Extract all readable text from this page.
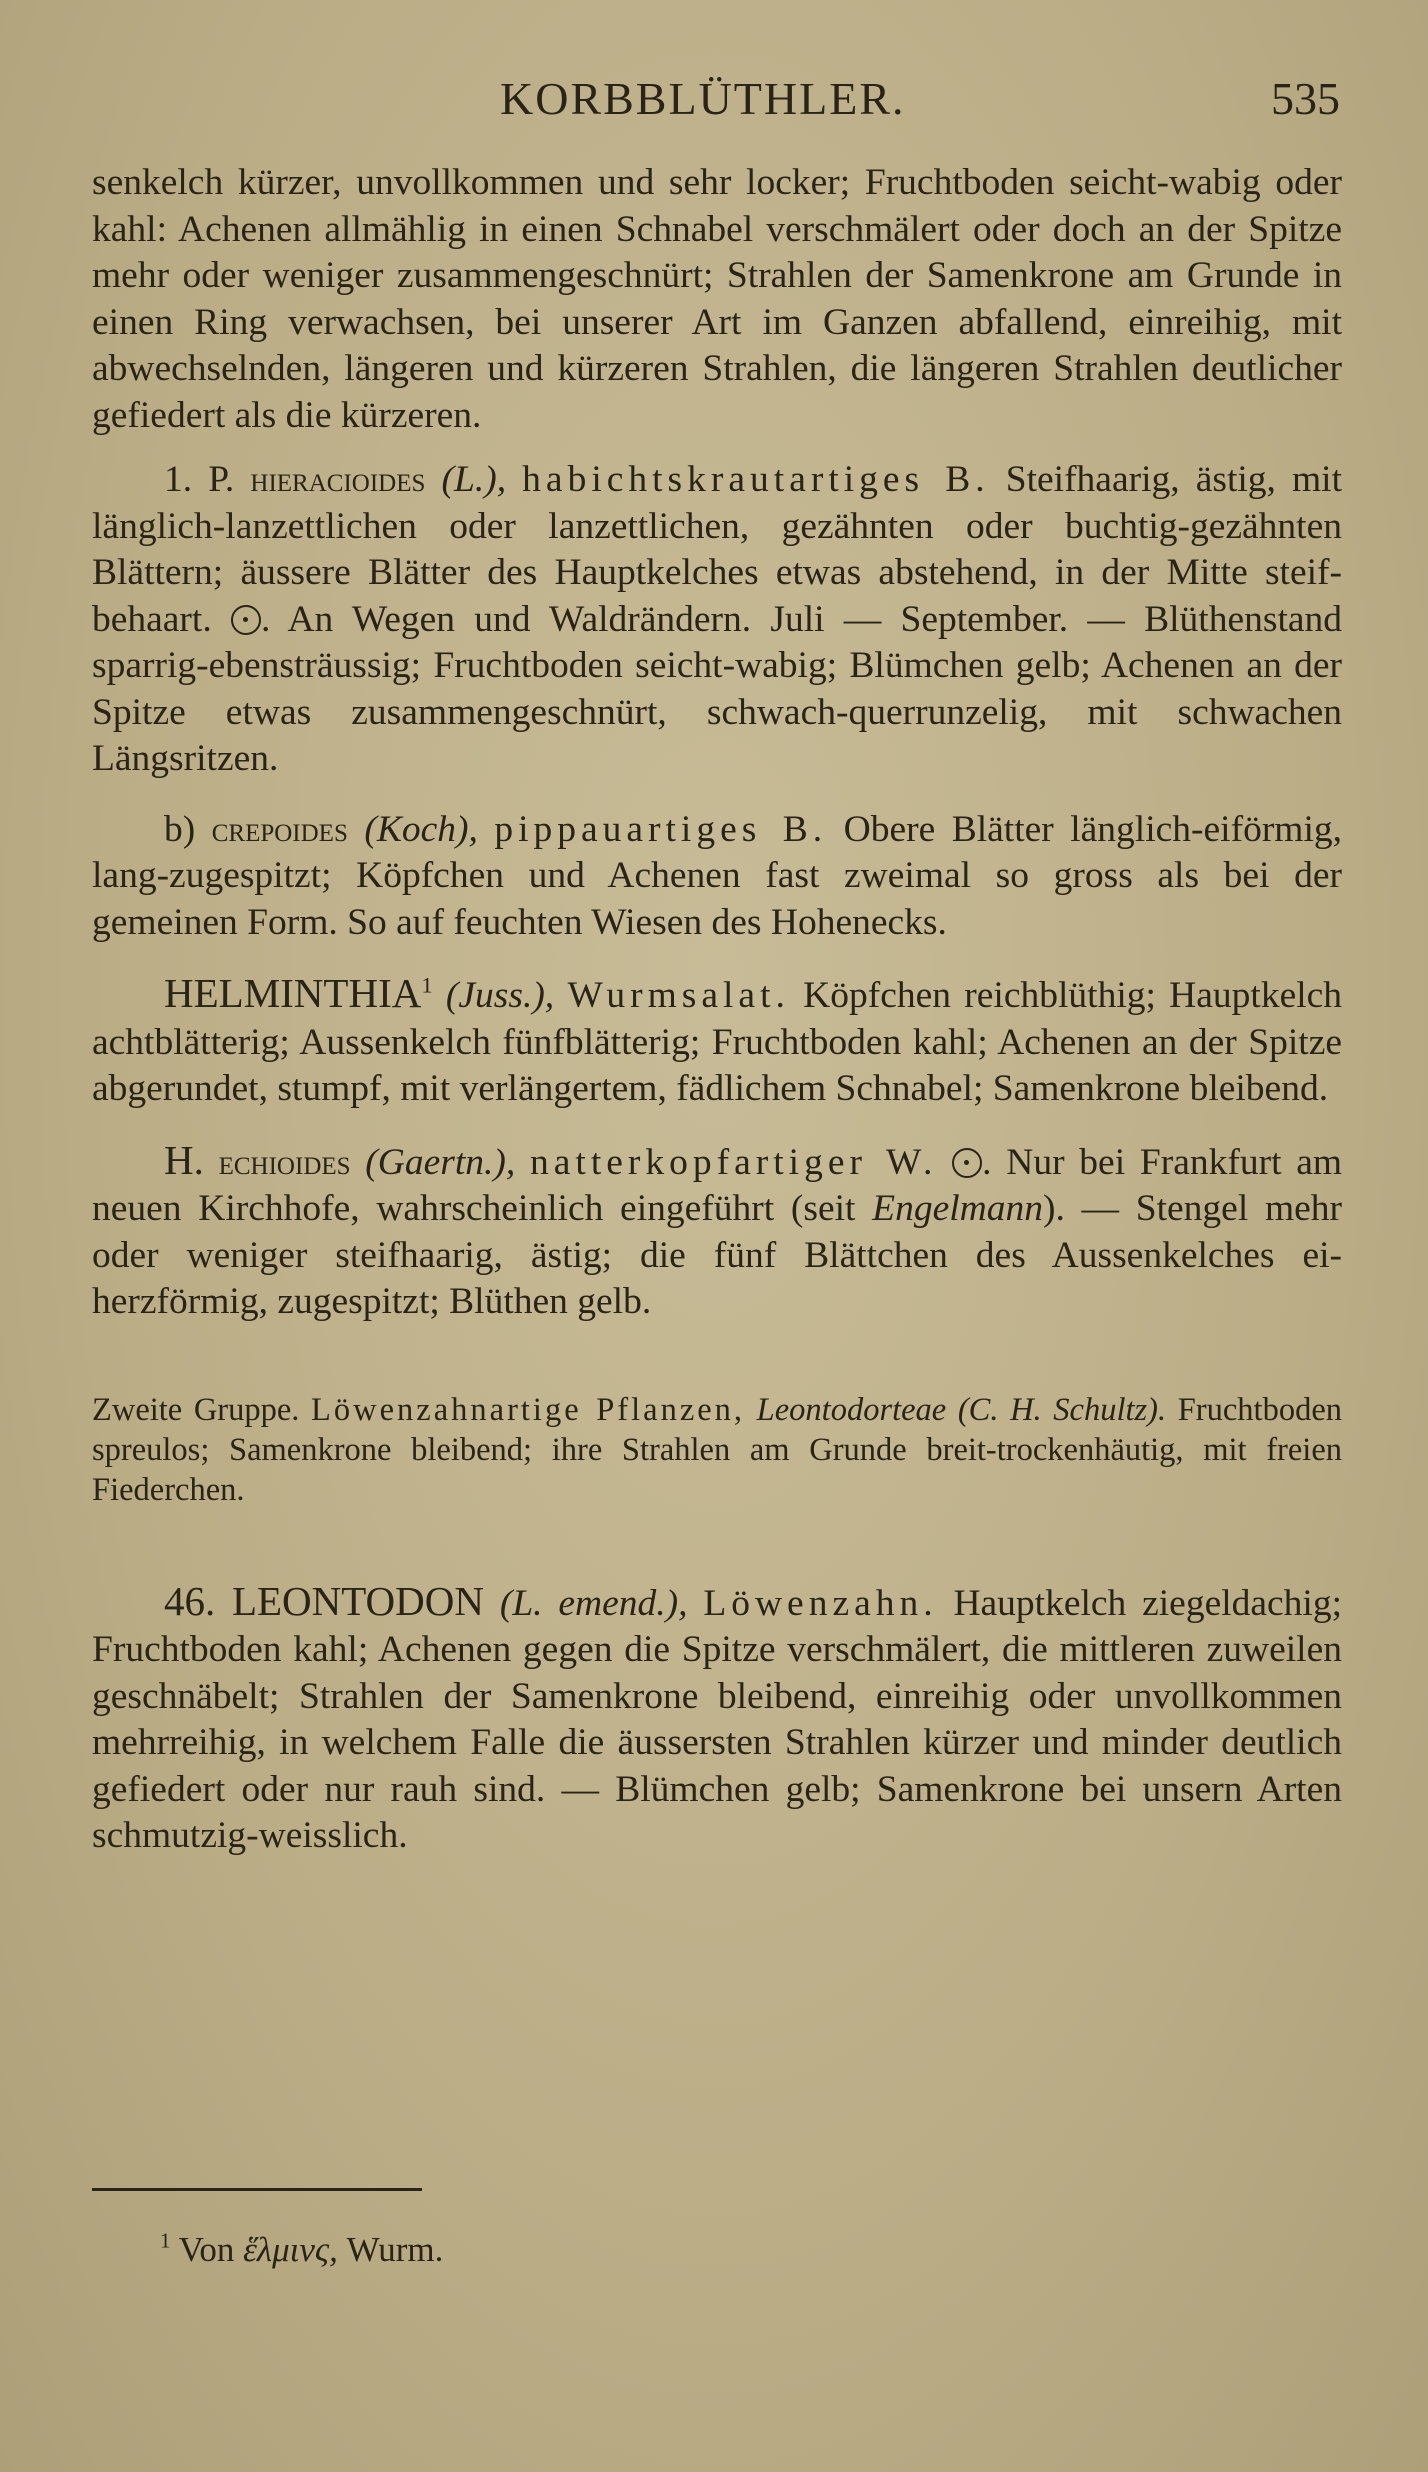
KORBBLÜTHLER.	535

senkelch kürzer, unvollkommen und sehr locker; Fruchtboden seicht-wabig oder kahl: Achenen allmählig in einen Schnabel verschmälert oder doch an der Spitze mehr oder weniger zusammengeschnürt; Strahlen der Samenkrone am Grunde in einen Ring verwachsen, bei unserer Art im Ganzen abfallend, einreihig, mit abwechselnden, längeren und kürzeren Strahlen, die längeren Strahlen deutlicher gefiedert als die kürzeren.

1. P. hieracioides (L.), habichtskrautartiges B. Steifhaarig, ästig, mit länglich-lanzettlichen oder lanzettlichen, gezähnten oder buchtig-gezähnten Blättern; äussere Blätter des Hauptkelches etwas abstehend, in der Mitte steif-behaart. . An Wegen und Waldrändern. Juli — September. — Blüthenstand sparrig-ebensträussig; Fruchtboden seicht-wabig; Blümchen gelb; Achenen an der Spitze etwas zusammengeschnürt, schwach-querrunzelig, mit schwachen Längsritzen.

b) crepoides (Koch), pippauartiges B. Obere Blätter länglich-eiförmig, lang-zugespitzt; Köpfchen und Achenen fast zweimal so gross als bei der gemeinen Form. So auf feuchten Wiesen des Hohenecks.

HELMINTHIA$^1$ (Juss.), Wurmsalat. Köpfchen reichblüthig; Hauptkelch achtblätterig; Aussenkelch fünfblätterig; Fruchtboden kahl; Achenen an der Spitze abgerundet, stumpf, mit verlängertem, fädlichem Schnabel; Samenkrone bleibend.

H. echioides (Gaertn.), natterkopfartiger W. . Nur bei Frankfurt am neuen Kirchhofe, wahrscheinlich eingeführt (seit Engelmann). — Stengel mehr oder weniger steifhaarig, ästig; die fünf Blättchen des Aussenkelches ei-herzförmig, zugespitzt; Blüthen gelb.

Zweite Gruppe. Löwenzahnartige Pflanzen, Leontodorteae (C. H. Schultz). Fruchtboden spreulos; Samenkrone bleibend; ihre Strahlen am Grunde breit-trockenhäutig, mit freien Fiederchen.

46. LEONTODON (L. emend.), Löwenzahn. Hauptkelch ziegeldachig; Fruchtboden kahl; Achenen gegen die Spitze verschmälert, die mittleren zuweilen geschnäbelt; Strahlen der Samenkrone bleibend, einreihig oder unvollkommen mehrreihig, in welchem Falle die äussersten Strahlen kürzer und minder deutlich gefiedert oder nur rauh sind. — Blümchen gelb; Samenkrone bei unsern Arten schmutzig-weisslich.

$^1$ Von ἕλμινς, Wurm.
